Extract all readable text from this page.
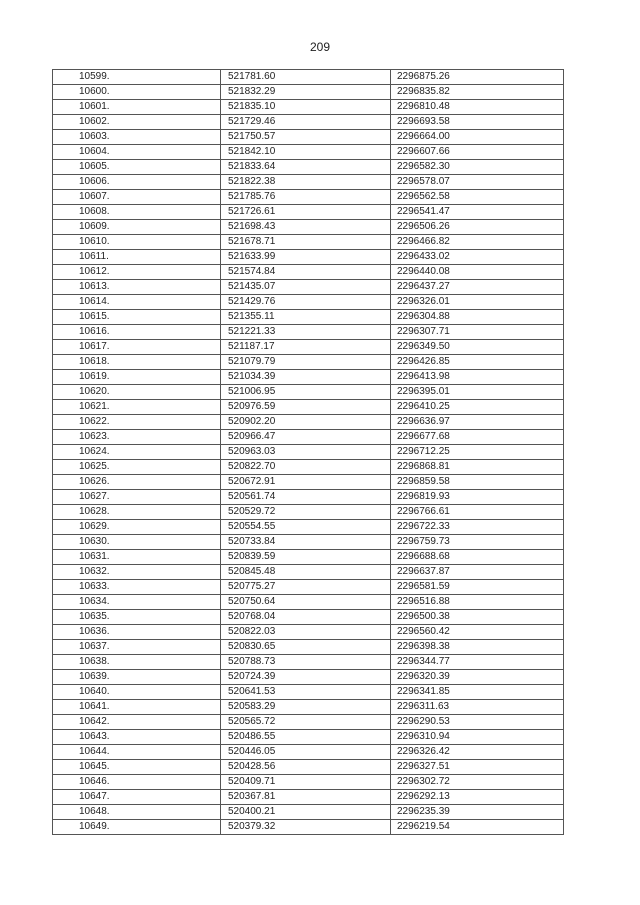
209
10599.	521781.60	2296875.26
10600.	521832.29	2296835.82
10601.	521835.10	2296810.48
10602.	521729.46	2296693.58
10603.	521750.57	2296664.00
10604.	521842.10	2296607.66
10605.	521833.64	2296582.30
10606.	521822.38	2296578.07
10607.	521785.76	2296562.58
10608.	521726.61	2296541.47
10609.	521698.43	2296506.26
10610.	521678.71	2296466.82
10611.	521633.99	2296433.02
10612.	521574.84	2296440.08
10613.	521435.07	2296437.27
10614.	521429.76	2296326.01
10615.	521355.11	2296304.88
10616.	521221.33	2296307.71
10617.	521187.17	2296349.50
10618.	521079.79	2296426.85
10619.	521034.39	2296413.98
10620.	521006.95	2296395.01
10621.	520976.59	2296410.25
10622.	520902.20	2296636.97
10623.	520966.47	2296677.68
10624.	520963.03	2296712.25
10625.	520822.70	2296868.81
10626.	520672.91	2296859.58
10627.	520561.74	2296819.93
10628.	520529.72	2296766.61
10629.	520554.55	2296722.33
10630.	520733.84	2296759.73
10631.	520839.59	2296688.68
10632.	520845.48	2296637.87
10633.	520775.27	2296581.59
10634.	520750.64	2296516.88
10635.	520768.04	2296500.38
10636.	520822.03	2296560.42
10637.	520830.65	2296398.38
10638.	520788.73	2296344.77
10639.	520724.39	2296320.39
10640.	520641.53	2296341.85
10641.	520583.29	2296311.63
10642.	520565.72	2296290.53
10643.	520486.55	2296310.94
10644.	520446.05	2296326.42
10645.	520428.56	2296327.51
10646.	520409.71	2296302.72
10647.	520367.81	2296292.13
10648.	520400.21	2296235.39
10649.	520379.32	2296219.54
